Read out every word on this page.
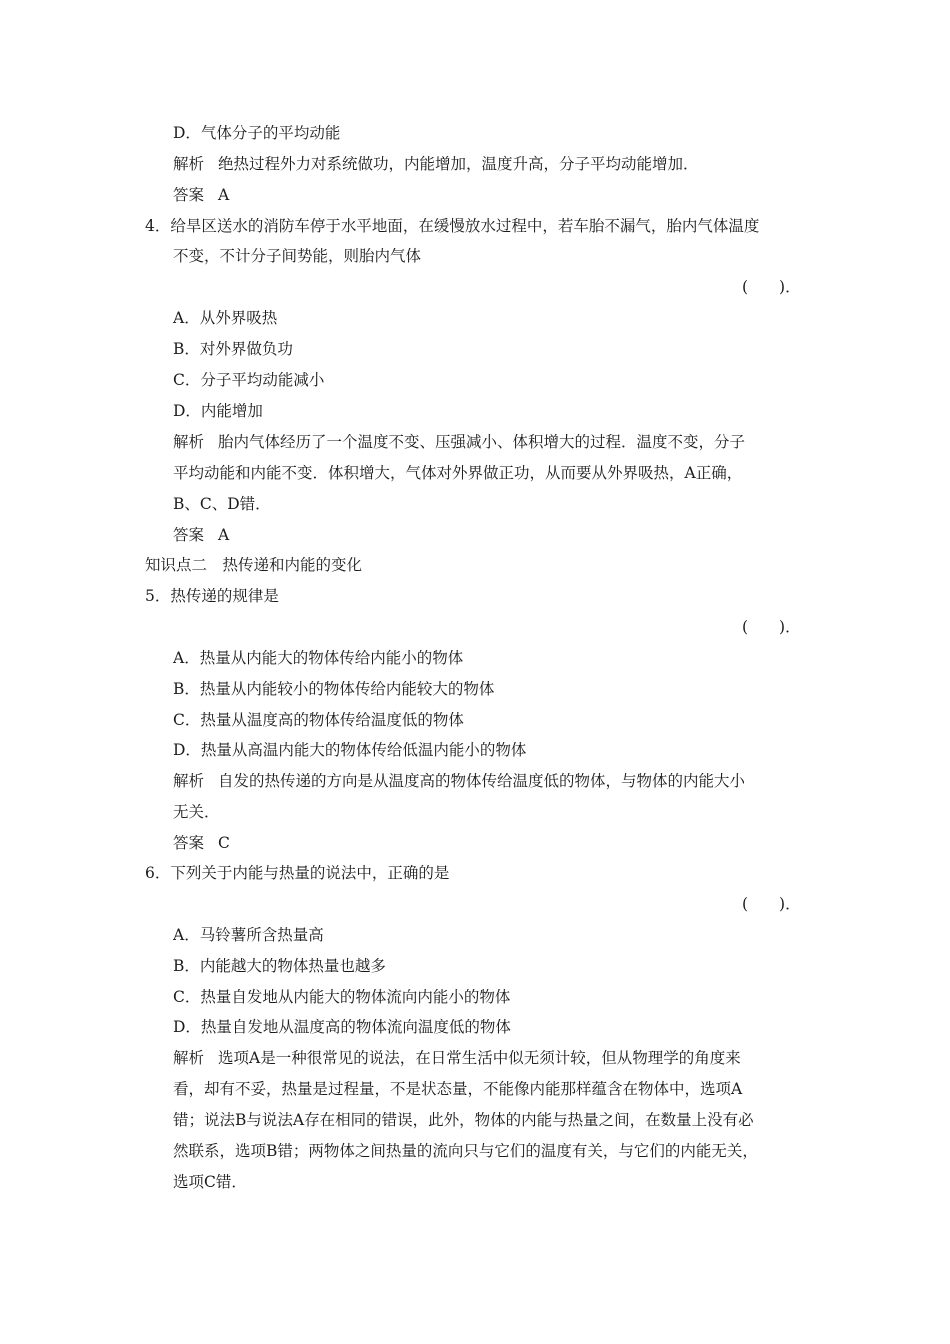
D．气体分子的平均动能
解析 绝热过程外力对系统做功，内能增加，温度升高，分子平均动能增加．
答案 A
4．给旱区送水的消防车停于水平地面，在缓慢放水过程中，若车胎不漏气，胎内气体温度
不变，不计分子间势能，则胎内气体
(　　)．
A．从外界吸热
B．对外界做负功
C．分子平均动能减小
D．内能增加
解析 胎内气体经历了一个温度不变、压强减小、体积增大的过程．温度不变，分子
平均动能和内能不变．体积增大，气体对外界做正功，从而要从外界吸热，A正确，
B、C、D错．
答案 A
知识点二　热传递和内能的变化
5．热传递的规律是
(　　)．
A．热量从内能大的物体传给内能小的物体
B．热量从内能较小的物体传给内能较大的物体
C．热量从温度高的物体传给温度低的物体
D．热量从高温内能大的物体传给低温内能小的物体
解析 自发的热传递的方向是从温度高的物体传给温度低的物体，与物体的内能大小
无关．
答案 C
6．下列关于内能与热量的说法中，正确的是
(　　)．
A．马铃薯所含热量高
B．内能越大的物体热量也越多
C．热量自发地从内能大的物体流向内能小的物体
D．热量自发地从温度高的物体流向温度低的物体
解析 选项A是一种很常见的说法，在日常生活中似无须计较，但从物理学的角度来
看，却有不妥，热量是过程量，不是状态量，不能像内能那样蕴含在物体中，选项A
错；说法B与说法A存在相同的错误，此外，物体的内能与热量之间，在数量上没有必
然联系，选项B错；两物体之间热量的流向只与它们的温度有关，与它们的内能无关，
选项C错．
